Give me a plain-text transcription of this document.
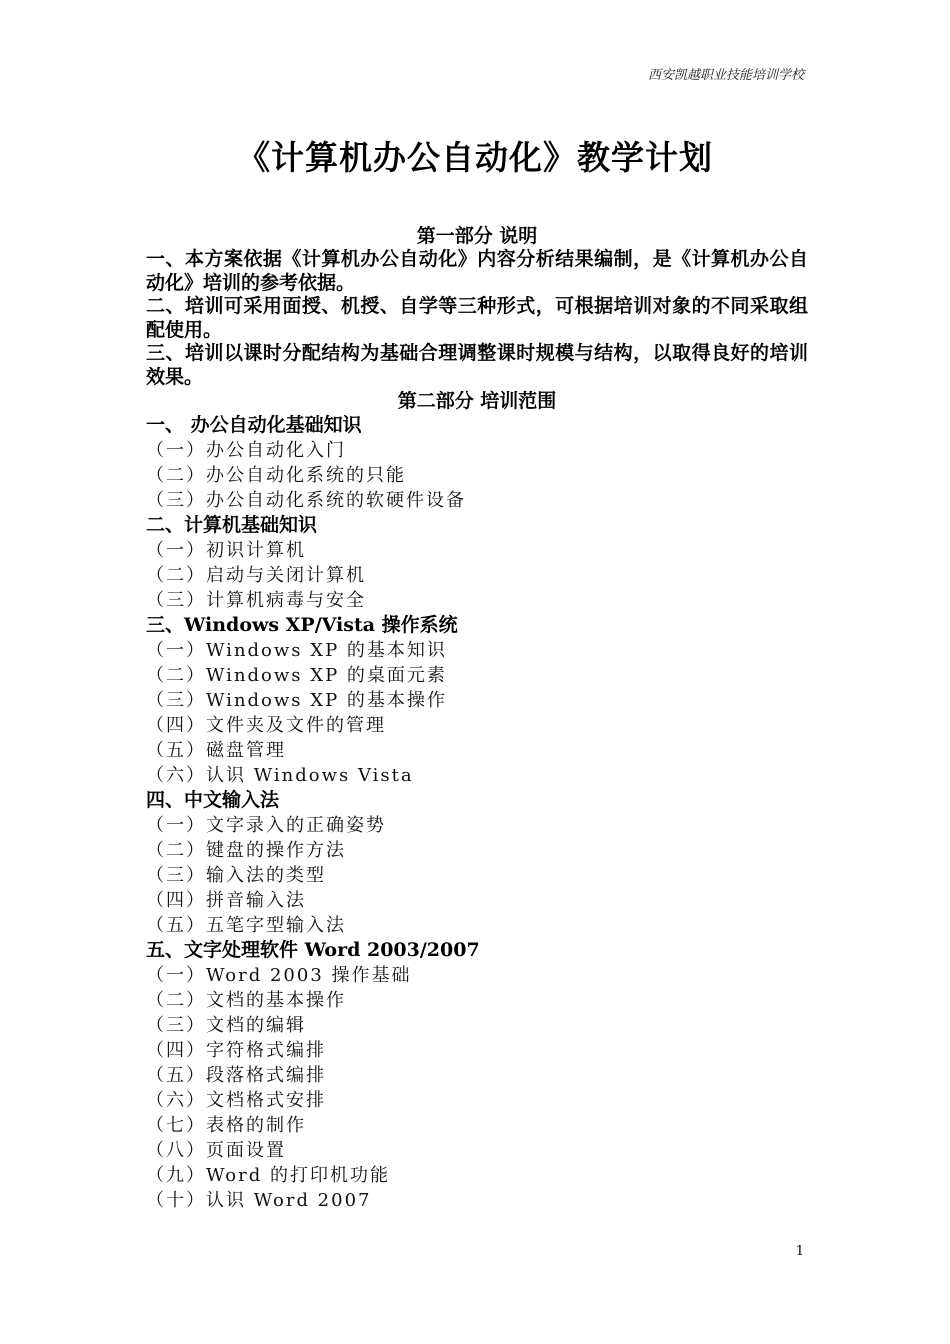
西安凯越职业技能培训学校
《计算机办公自动化》教学计划
第一部分 说明
一、本方案依据《计算机办公自动化》内容分析结果编制，是《计算机办公自动化》培训的参考依据。
二、培训可采用面授、机授、自学等三种形式，可根据培训对象的不同采取组配使用。
三、培训以课时分配结构为基础合理调整课时规模与结构，以取得良好的培训效果。
第二部分 培训范围
一、 办公自动化基础知识
（一）办公自动化入门
（二）办公自动化系统的只能
（三）办公自动化系统的软硬件设备
二、计算机基础知识
（一）初识计算机
（二）启动与关闭计算机
（三）计算机病毒与安全
三、Windows XP/Vista 操作系统
（一）Windows XP 的基本知识
（二）Windows XP 的桌面元素
（三）Windows XP 的基本操作
（四）文件夹及文件的管理
（五）磁盘管理
（六）认识 Windows Vista
四、中文输入法
（一）文字录入的正确姿势
（二）键盘的操作方法
（三）输入法的类型
（四）拼音输入法
（五）五笔字型输入法
五、文字处理软件 Word 2003/2007
（一）Word 2003 操作基础
（二）文档的基本操作
（三）文档的编辑
（四）字符格式编排
（五）段落格式编排
（六）文档格式安排
（七）表格的制作
（八）页面设置
（九）Word 的打印机功能
（十）认识 Word 2007
1
